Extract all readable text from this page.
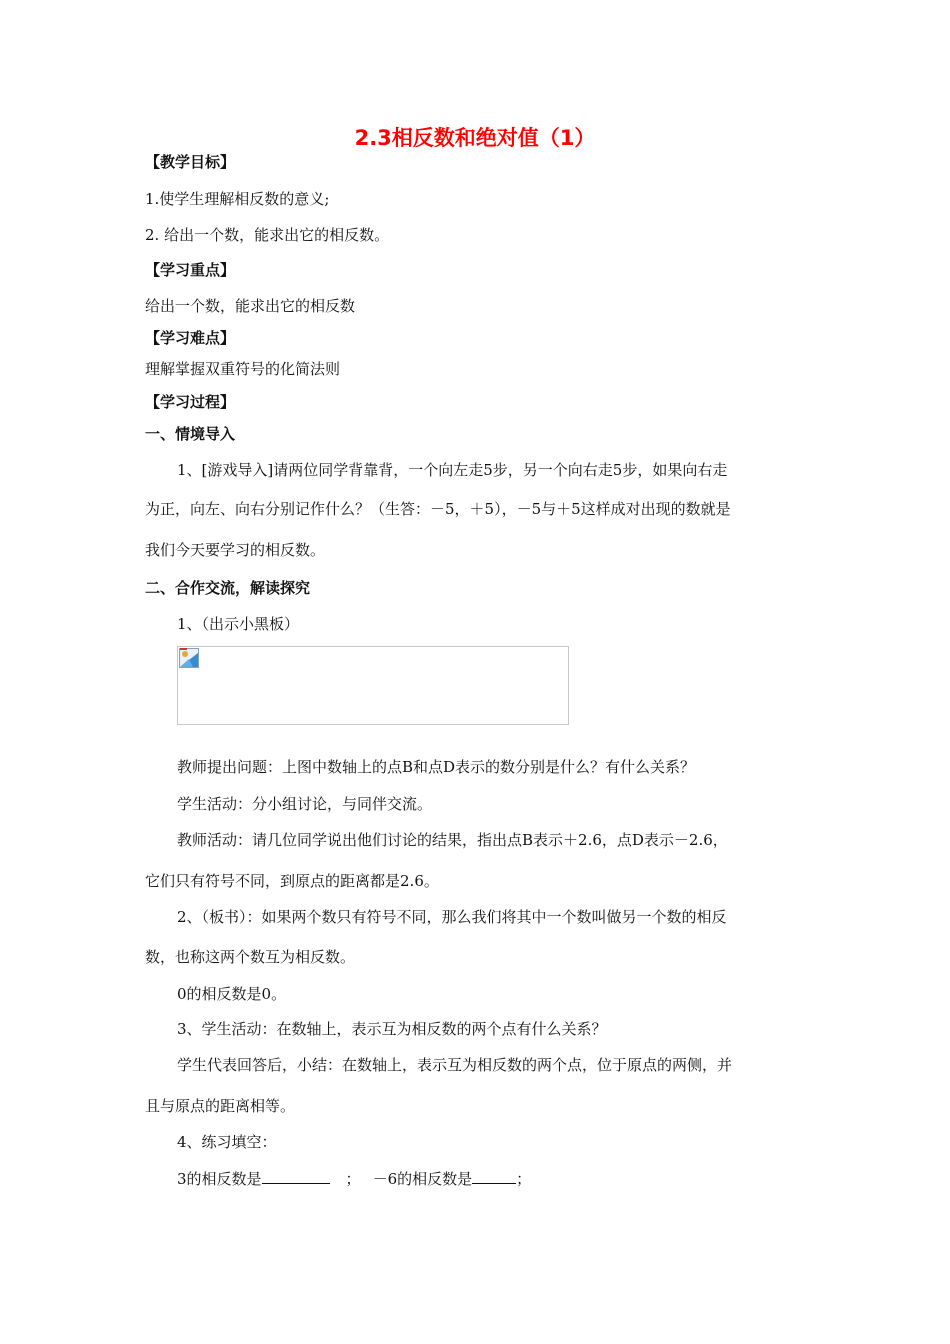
2.3相反数和绝对值（1）
【教学目标】
1.使学生理解相反数的意义;
2. 给出一个数，能求出它的相反数。
【学习重点】
给出一个数，能求出它的相反数
【学习难点】
理解掌握双重符号的化简法则
【学习过程】
一、情境导入
1、[游戏导入]请两位同学背靠背，一个向左走5步，另一个向右走5步，如果向右走
为正，向左、向右分别记作什么？（生答：－5，＋5），－5与＋5这样成对出现的数就是
我们今天要学习的相反数。
二、合作交流，解读探究
1、（出示小黑板）
教师提出问题：上图中数轴上的点B和点D表示的数分别是什么？有什么关系？
学生活动：分小组讨论，与同伴交流。
教师活动：请几位同学说出他们讨论的结果，指出点B表示＋2.6，点D表示－2.6，
它们只有符号不同，到原点的距离都是2.6。
2、（板书）：如果两个数只有符号不同，那么我们将其中一个数叫做另一个数的相反
数，也称这两个数互为相反数。
0的相反数是0。
3、学生活动：在数轴上，表示互为相反数的两个点有什么关系？
学生代表回答后，小结：在数轴上，表示互为相反数的两个点，位于原点的两侧，并
且与原点的距离相等。
4、练习填空：
3的相反数是	； －6的相反数是	；
